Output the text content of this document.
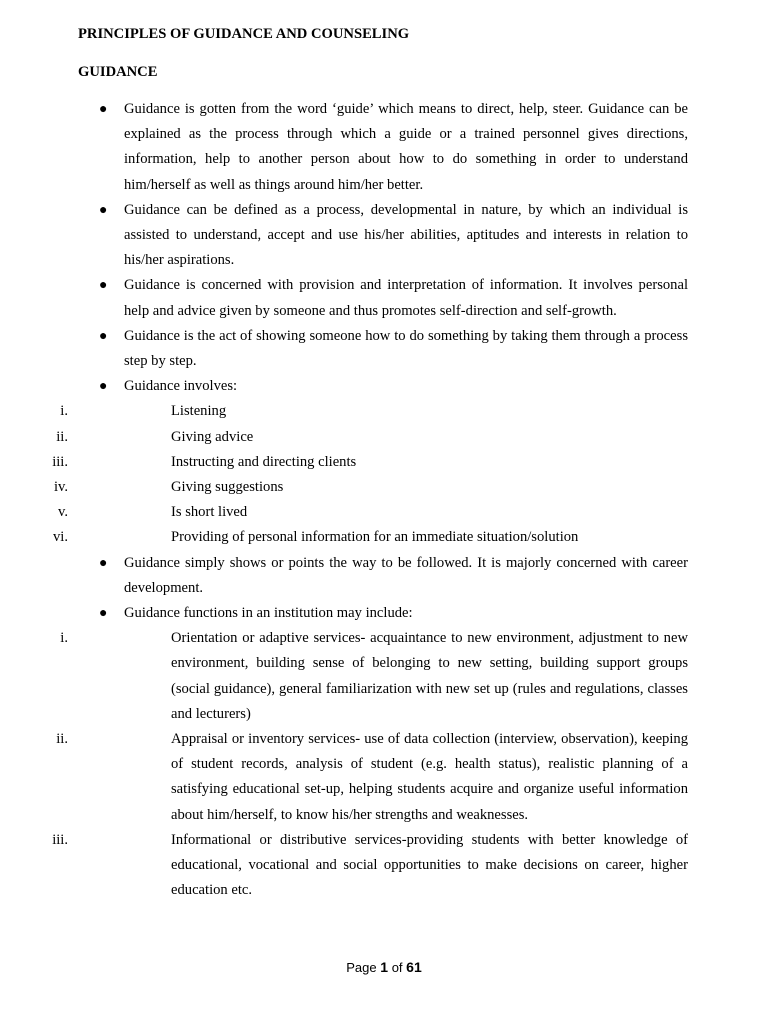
PRINCIPLES OF GUIDANCE AND COUNSELING
GUIDANCE
● Guidance is gotten from the word ‘guide’ which means to direct, help, steer. Guidance can be explained as the process through which a guide or a trained personnel gives directions, information, help to another person about how to do something in order to understand him/herself as well as things around him/her better.
● Guidance can be defined as a process, developmental in nature, by which an individual is assisted to understand, accept and use his/her abilities, aptitudes and interests in relation to his/her aspirations.
● Guidance is concerned with provision and interpretation of information. It involves personal help and advice given by someone and thus promotes self-direction and self-growth.
● Guidance is the act of showing someone how to do something by taking them through a process step by step.
● Guidance involves:
i.	Listening
ii.	Giving advice
iii.	Instructing and directing clients
iv.	Giving suggestions
v.	Is short lived
vi.	Providing of personal information for an immediate situation/solution
● Guidance simply shows or points the way to be followed. It is majorly concerned with career development.
● Guidance functions in an institution may include:
i.	Orientation or adaptive services- acquaintance to new environment, adjustment to new environment, building sense of belonging to new setting, building support groups (social guidance), general familiarization with new set up (rules and regulations, classes and lecturers)
ii.	Appraisal or inventory services- use of data collection (interview, observation), keeping of student records, analysis of student (e.g. health status), realistic planning of a satisfying educational set-up, helping students acquire and organize useful information about him/herself, to know his/her strengths and weaknesses.
iii.	Informational or distributive services-providing students with better knowledge of educational, vocational and social opportunities to make decisions on career, higher education etc.
Page 1 of 61
